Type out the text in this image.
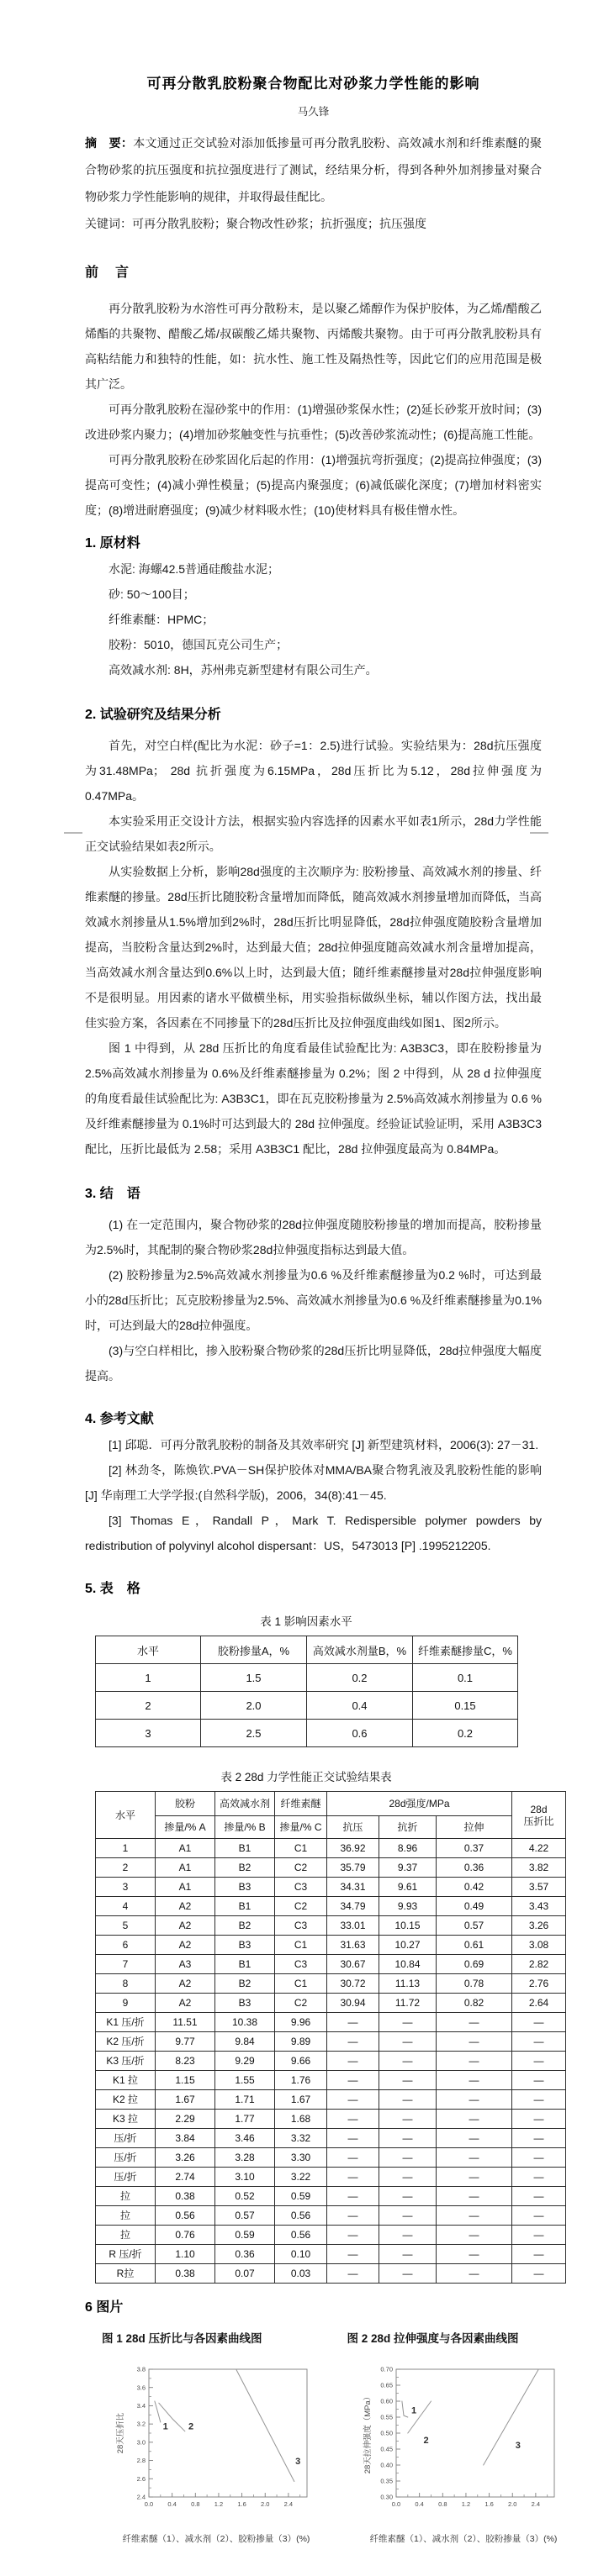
可再分散乳胶粉聚合物配比对砂浆力学性能的影响
马久锋

摘　要：本文通过正交试验对添加低掺量可再分散乳胶粉、高效减水剂和纤维素醚的聚合物砂浆的抗压强度和抗拉强度进行了测试，经结果分析，得到各种外加剂掺量对聚合物砂浆力学性能影响的规律，并取得最佳配比。

关键词：可再分散乳胶粉；聚合物改性砂浆；抗折强度；抗压强度

前　言

再分散乳胶粉为水溶性可再分散粉末，是以聚乙烯醇作为保护胶体，为乙烯/醋酸乙烯酯的共聚物、醋酸乙烯/叔碳酸乙烯共聚物、丙烯酸共聚物。由于可再分散乳胶粉具有高粘结能力和独特的性能，如：抗水性、施工性及隔热性等，因此它们的应用范围是极其广泛。

可再分散乳胶粉在湿砂浆中的作用：(1)增强砂浆保水性；(2)延长砂浆开放时间；(3)改进砂浆内聚力；(4)增加砂浆触变性与抗垂性；(5)改善砂浆流动性；(6)提高施工性能。

可再分散乳胶粉在砂浆固化后起的作用：(1)增强抗弯折强度；(2)提高拉伸强度；(3)提高可变性；(4)减小弹性模量；(5)提高内聚强度；(6)减低碳化深度；(7)增加材料密实度；(8)增进耐磨强度；(9)减少材料吸水性；(10)使材料具有极佳憎水性。

1. 原材料

水泥: 海螺42.5普通硅酸盐水泥；

砂: 50～100目；

纤维素醚：HPMC；

胶粉：5010，德国瓦克公司生产；

高效减水剂: 8H，苏州弗克新型建材有限公司生产。

2. 试验研究及结果分析

首先，对空白样(配比为水泥：砂子=1：2.5)进行试验。实验结果为：28d抗压强度为31.48MPa； 28d 抗折强度为6.15MPa，28d压折比为5.12，28d拉伸强度为0.47MPa。

本实验采用正交设计方法，根据实验内容选择的因素水平如表1所示，28d力学性能正交试验结果如表2所示。

从实验数据上分析，影响28d强度的主次顺序为: 胶粉掺量、高效减水剂的掺量、纤维素醚的掺量。28d压折比随胶粉含量增加而降低，随高效减水剂掺量增加而降低，当高效减水剂掺量从1.5%增加到2%时，28d压折比明显降低，28d拉伸强度随胶粉含量增加提高，当胶粉含量达到2%时，达到最大值；28d拉伸强度随高效减水剂含量增加提高，当高效减水剂含量达到0.6%以上时，达到最大值；随纤维素醚掺量对28d拉伸强度影响不是很明显。用因素的诸水平做横坐标，用实验指标做纵坐标，辅以作图方法，找出最佳实验方案，各因素在不同掺量下的28d压折比及拉伸强度曲线如图1、图2所示。

图 1 中得到，从 28d 压折比的角度看最佳试验配比为: A3B3C3，即在胶粉掺量为 2.5%高效减水剂掺量为 0.6%及纤维素醚掺量为 0.2%；图 2 中得到，从 28 d 拉伸强度的角度看最佳试验配比为: A3B3C1，即在瓦克胶粉掺量为 2.5%高效减水剂掺量为 0.6 %及纤维素醚掺量为 0.1%时可达到最大的 28d 拉伸强度。经验证试验证明，采用 A3B3C3 配比，压折比最低为 2.58；采用 A3B3C1 配比，28d 拉伸强度最高为 0.84MPa。

3. 结　语

(1) 在一定范围内，聚合物砂浆的28d拉伸强度随胶粉掺量的增加而提高，胶粉掺量为2.5%时，其配制的聚合物砂浆28d拉伸强度指标达到最大值。

(2) 胶粉掺量为2.5%高效减水剂掺量为0.6 %及纤维素醚掺量为0.2 %时，可达到最小的28d压折比；瓦克胶粉掺量为2.5%、高效减水剂掺量为0.6 %及纤维素醚掺量为0.1%时，可达到最大的28d拉伸强度。

(3)与空白样相比，掺入胶粉聚合物砂浆的28d压折比明显降低，28d拉伸强度大幅度提高。

4. 参考文献

[1] 邱聪．可再分散乳胶粉的制备及其效率研究 [J] 新型建筑材料，2006(3): 27－31.

[2] 林劲冬，陈焕钦.PVA－SH保护胶体对MMA/BA聚合物乳液及乳胶粉性能的影响 [J] 华南理工大学学报:(自然科学版)，2006，34(8):41－45.

[3] Thomas E，Randall P，Mark T. Redispersible polymer powders by redistribution of polyvinyl alcohol dispersant：US，5473013 [P] .1995212205.

5. 表　格
表 1 影响因素水平
水平	胶粉掺量A，%	高效减水剂量B，%	纤维素醚掺量C，%
1	1.5	0.2	0.1
2	2.0	0.4	0.15
3	2.5	0.6	0.2
表 2 28d 力学性能正交试验结果表
水平	胶粉	高效减水剂	纤维素醚	28d强度/MPa			28d
压折比
	掺量/% A	掺量/% B	掺量/% C	抗压	抗折	拉伸	
1	A1	B1	C1	36.92	8.96	0.37	4.22
2	A1	B2	C2	35.79	9.37	0.36	3.82
3	A1	B3	C3	34.31	9.61	0.42	3.57
4	A2	B1	C2	34.79	9.93	0.49	3.43
5	A2	B2	C3	33.01	10.15	0.57	3.26
6	A2	B3	C1	31.63	10.27	0.61	3.08
7	A3	B1	C3	30.67	10.84	0.69	2.82
8	A2	B2	C1	30.72	11.13	0.78	2.76
9	A2	B3	C2	30.94	11.72	0.82	2.64
K1 压/折	11.51	10.38	9.96	—	—	—	—
K2 压/折	9.77	9.84	9.89	—	—	—	—
K3 压/折	8.23	9.29	9.66	—	—	—	—
K1 拉	1.15	1.55	1.76	—	—	—	—
K2 拉	1.67	1.71	1.67	—	—	—	—
K3 拉	2.29	1.77	1.68	—	—	—	—
压/折	3.84	3.46	3.32	—	—	—	—
压/折	3.26	3.28	3.30	—	—	—	—
压/折	2.74	3.10	3.22	—	—	—	—
拉	0.38	0.52	0.59	—	—	—	—
拉	0.56	0.57	0.56	—	—	—	—
拉	0.76	0.59	0.56	—	—	—	—
R 压/折	1.10	0.36	0.10	—	—	—	—
R拉	0.38	0.07	0.03	—	—	—	—
6 图片
图 1 28d 压折比与各因素曲线图	图 2 28d 拉伸强度与各因素曲线图
2.4
2.6
2.8
3.0
3.2
3.4
3.6
3.8
0.0 0.4 0.8 1.2 1.6 2.0 2.4
28天压折比	1 2
3
纤维素醚（1）、减水剂（2）、胶粉掺量（3）(%)
0.30
0.35
0.40
0.45
0.50
0.55
0.60
0.65
0.70
0.0 0.4 0.8 1.2 1.6 2.0 2.4
28天拉伸强度（MPa）	1
2
3
纤维素醚（1）、减水剂（2）、胶粉掺量（3）(%)
